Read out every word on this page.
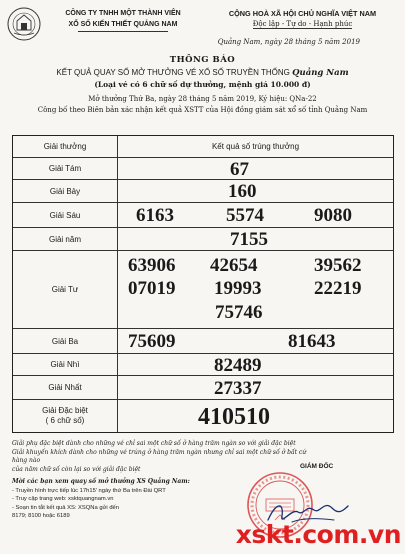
CÔNG TY TNHH MỘT THÀNH VIÊN
XỔ SỐ KIẾN THIẾT QUẢNG NAM
CỘNG HOÀ XÃ HỘI CHỦ NGHĨA VIỆT NAM
Độc lập - Tự do - Hạnh phúc
Quảng Nam, ngày 28 tháng 5 năm 2019
THÔNG BÁO
KẾT QUẢ QUAY SỐ MỞ THƯỞNG VÉ XỔ SỐ TRUYỀN THỐNG Quảng Nam
(Loại vé có 6 chữ số dự thưởng, mệnh giá 10.000 đ)
Mở thưởng Thứ Ba, ngày 28 tháng 5 năm 2019, Ký hiệu: QNa-22
Công bố theo Biên bản xác nhận kết quả XSTT của Hội đồng giám sát xổ số tỉnh Quảng Nam
Giải thưởng	Kết quả số trúng thưởng
Giải Tám	67
Giải Bảy	160
Giải Sáu	6163	5574	9080
Giải năm	7155
Giải Tư
63906 42654	39562
07019 19993	22219
75746
Giải Ba	75609	81643
Giải Nhì	82489
Giải Nhất	27337
Giải Đặc biệt
( 6 chữ số)	410510
Giải phụ đặc biệt dành cho những vé chỉ sai một chữ số ở hàng trăm ngàn so với giải đặc biệt
Giải khuyến khích dành cho những vé trúng ở hàng trăm ngàn nhưng chỉ sai một chữ số ở bất cứ hàng nào
của năm chữ số còn lại so với giải đặc biệt
Mời các bạn xem quay số mở thưởng XS Quảng Nam:
- Truyền hình trực tiếp lúc 17h15' ngày thứ Ba trên Đài QRT
- Truy cập trang web: xsktquangnam.vn
- Soạn tin tắt kết quả XS: XSQNa gửi đến
8179; 8100 hoặc 6189
GIÁM ĐỐC
xskt.com.vn
